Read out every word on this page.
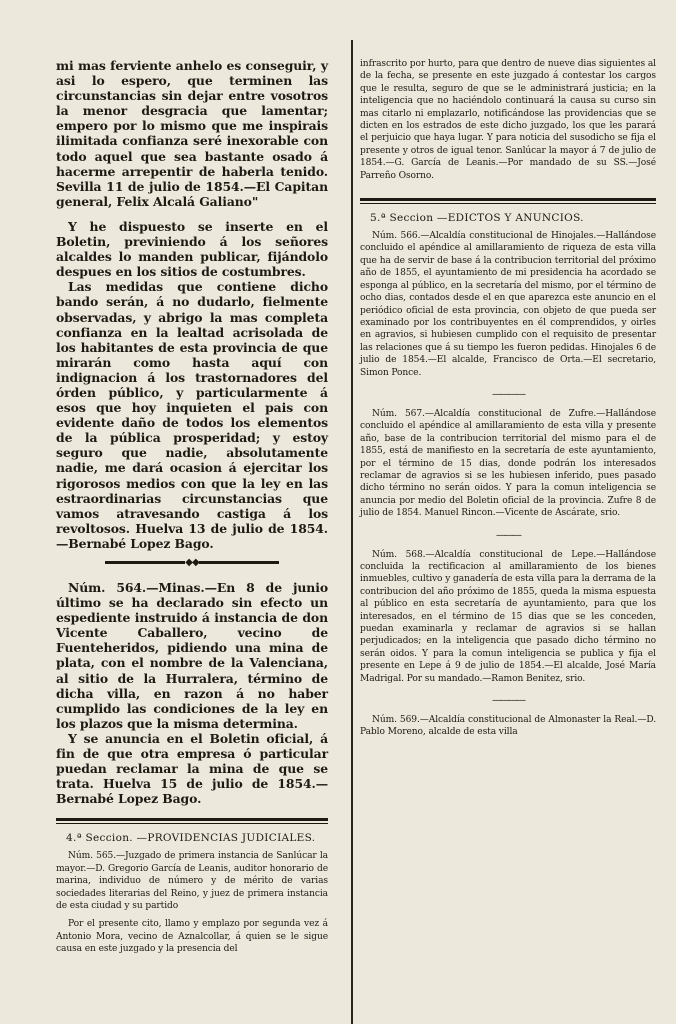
mi mas ferviente anhelo es conseguir, y asi lo espero, que terminen las circunstancias sin dejar entre vosotros la menor desgracia que lamentar; empero por lo mismo que me inspirais ilimitada confianza seré inexorable con todo aquel que sea bastante osado á hacerme arrepentir de haberla tenido. Sevilla 11 de julio de 1854.—El Capitan general, Felix Alcalá Galiano"

Y he dispuesto se inserte en el Boletin, previniendo á los señores alcaldes lo manden publicar, fijándolo despues en los sitios de costumbres.

Las medidas que contiene dicho bando serán, á no dudarlo, fielmente observadas, y abrigo la mas completa confianza en la lealtad acrisolada de los habitantes de esta provincia de que mirarán como hasta aquí con indignacion á los trastornadores del órden público, y particularmente á esos que hoy inquieten el pais con evidente daño de todos los elementos de la pública prosperidad; y estoy seguro que nadie, absolutamente nadie, me dará ocasion á ejercitar los rigorosos medios con que la ley en las estraordinarias circunstancias que vamos atravesando castiga á los revoltosos. Huelva 13 de julio de 1854.—Bernabé Lopez Bago.

◆◆

Núm. 564.—Minas.—En 8 de junio último se ha declarado sin efecto un espediente instruido á instancia de don Vicente Caballero, vecino de Fuenteheridos, pidiendo una mina de plata, con el nombre de la Valenciana, al sitio de la Hurralera, término de dicha villa, en razon á no haber cumplido las condiciones de la ley en los plazos que la misma determina.

Y se anuncia en el Boletin oficial, á fin de que otra empresa ó particular puedan reclamar la mina de que se trata. Huelva 15 de julio de 1854.—Bernabé Lopez Bago.

4.ª Seccion. —PROVIDENCIAS JUDICIALES.

Núm. 565.—Juzgado de primera instancia de Sanlúcar la mayor.—D. Gregorio García de Leanis, auditor honorario de marina, individuo de número y de mérito de varias sociedades literarias del Reino, y juez de primera instancia de esta ciudad y su partido

Por el presente cito, llamo y emplazo por segunda vez á Antonio Mora, vecino de Aznalcollar, á quien se le sigue causa en este juzgado y la presencia del

infrascrito por hurto, para que dentro de nueve dias siguientes al de la fecha, se presente en este juzgado á contestar los cargos que le resulta, seguro de que se le administrará justicia; en la inteligencia que no haciéndolo continuará la causa su curso sin mas citarlo ni emplazarlo, notificándose las providencias que se dicten en los estrados de este dicho juzgado, los que les parará el perjuicio que haya lugar. Y para noticia del susodicho se fija el presente y otros de igual tenor. Sanlúcar la mayor á 7 de julio de 1854.—G. García de Leanis.—Por mandado de su SS.—José Parreño Osorno.

5.ª Seccion —EDICTOS Y ANUNCIOS.

Núm. 566.—Alcaldía constitucional de Hinojales.—Hallándose concluido el apéndice al amillaramiento de riqueza de esta villa que ha de servir de base á la contribucion territorial del próximo año de 1855, el ayuntamiento de mi presidencia ha acordado se esponga al público, en la secretaría del mismo, por el término de ocho dias, contados desde el en que aparezca este anuncio en el periódico oficial de esta provincia, con objeto de que pueda ser examinado por los contribuyentes en él comprendidos, y oirles en agravios, si hubiesen cumplido con el requisito de presentar las relaciones que á su tiempo les fueron pedidas. Hinojales 6 de julio de 1854.—El alcalde, Francisco de Orta.—El secretario, Simon Ponce.

————

Núm. 567.—Alcaldía constitucional de Zufre.—Hallándose concluido el apéndice al amillaramiento de esta villa y presente año, base de la contribucion territorial del mismo para el de 1855, está de manifiesto en la secretaría de este ayuntamiento, por el término de 15 dias, donde podrán los interesados reclamar de agravios si se les hubiesen inferido, pues pasado dicho término no serán oidos. Y para la comun inteligencia se anuncia por medio del Boletin oficial de la provincia. Zufre 8 de julio de 1854. Manuel Rincon.—Vicente de Ascárate, srio.

———

Núm. 568.—Alcaldía constitucional de Lepe.—Hallándose concluida la rectificacion al amillaramiento de los bienes inmuebles, cultivo y ganadería de esta villa para la derrama de la contribucion del año próximo de 1855, queda la misma espuesta al público en esta secretaría de ayuntamiento, para que los interesados, en el término de 15 dias que se les conceden, puedan examinarla y reclamar de agravios si se hallan perjudicados; en la inteligencia que pasado dicho término no serán oidos. Y para la comun inteligencia se publica y fija el presente en Lepe á 9 de julio de 1854.—El alcalde, José María Madrigal. Por su mandado.—Ramon Benitez, srio.

————

Núm. 569.—Alcaldía constitucional de Almonaster la Real.—D. Pablo Moreno, alcalde de esta villa
